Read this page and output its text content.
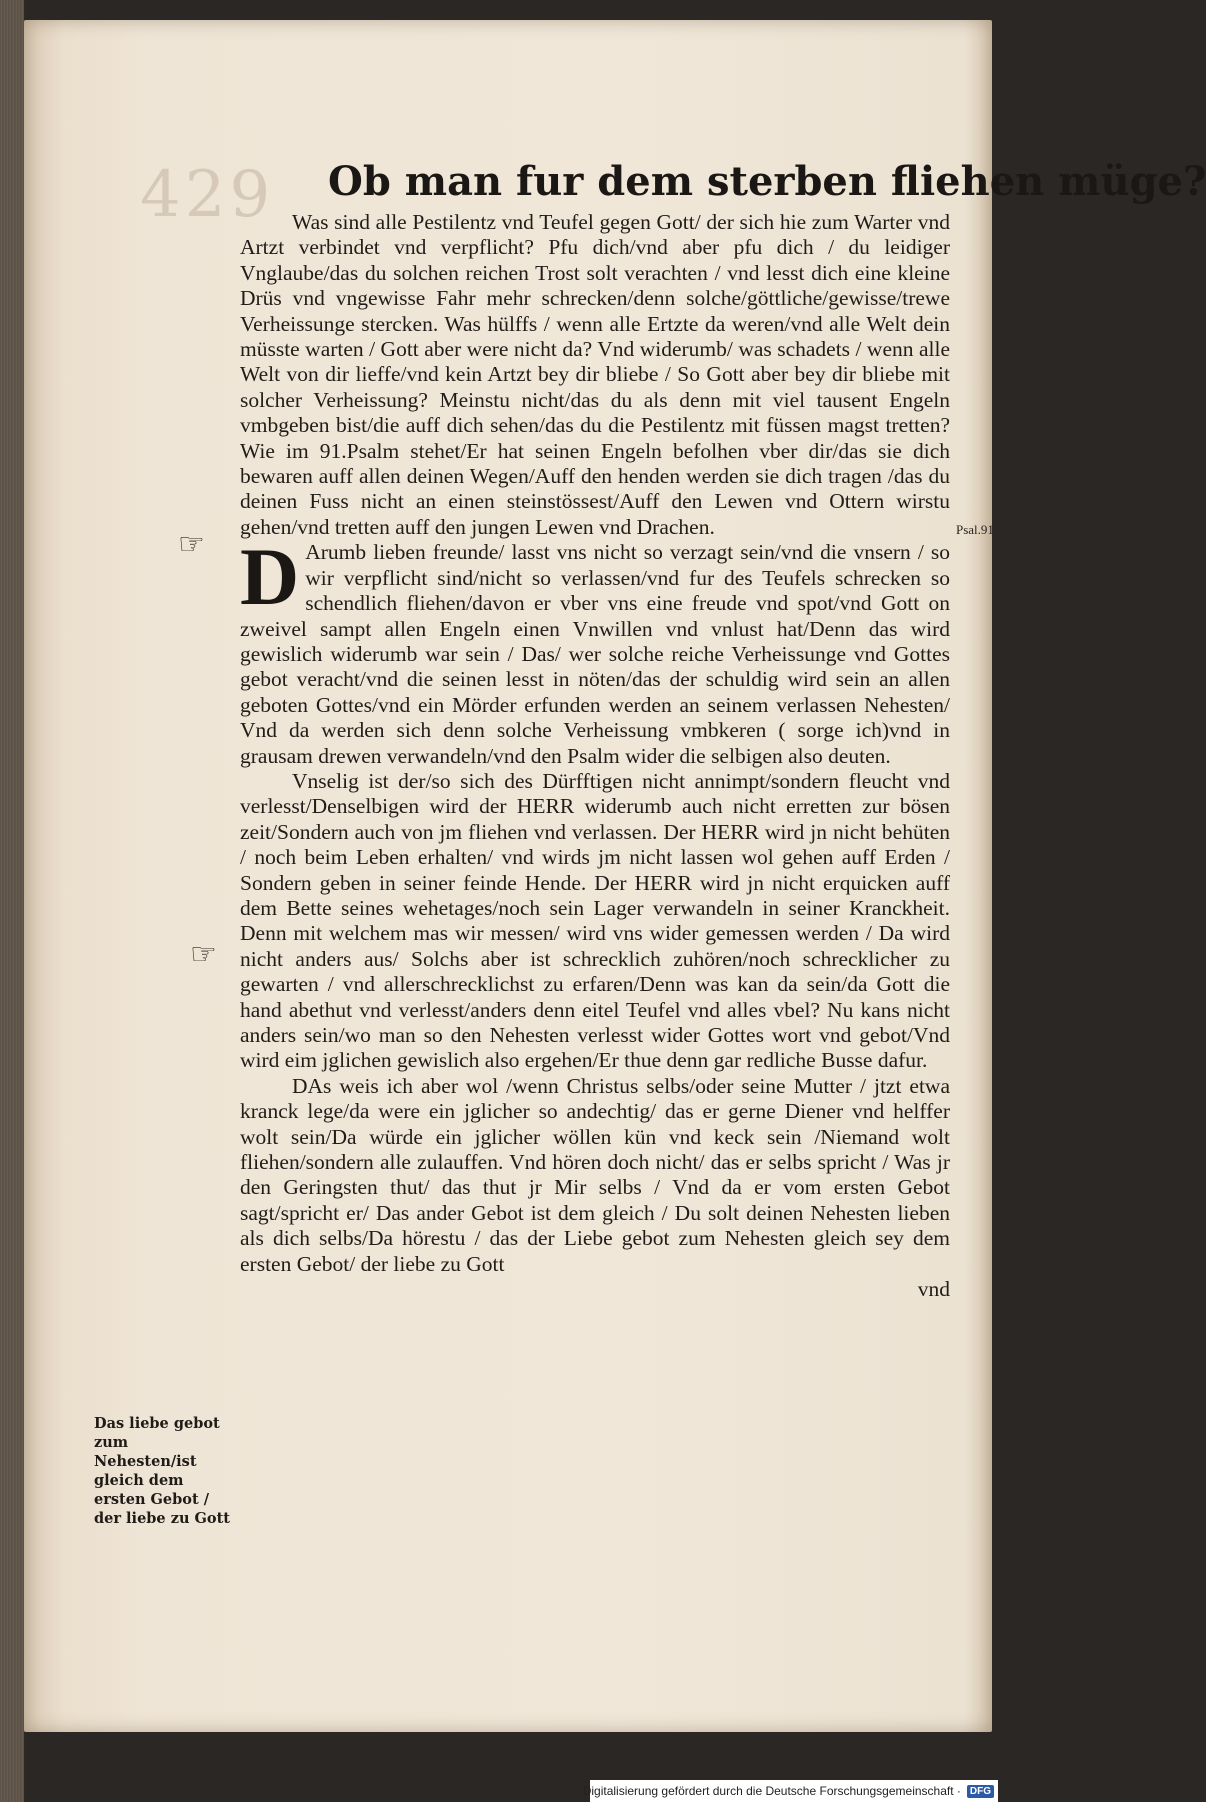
429 Ob man fur dem sterben fliehen müge?

Was sind alle Pestilentz vnd Teufel gegen Gott/ der sich hie zum Warter vnd Artzt verbindet vnd verpflicht? Pfu dich/vnd aber pfu dich / du leidiger Vnglaube/das du solchen reichen Trost solt verachten / vnd lesst dich eine kleine Drüs vnd vngewisse Fahr mehr schrecken/denn solche/göttliche/gewisse/trewe Verheissunge stercken. Was hülffs / wenn alle Ertzte da weren/vnd alle Welt dein müsste warten / Gott aber were nicht da? Vnd widerumb/ was schadets / wenn alle Welt von dir lieffe/vnd kein Artzt bey dir bliebe / So Gott aber bey dir bliebe mit solcher Verheissung? Meinstu nicht/das du als denn mit viel tausent Engeln vmbgeben bist/die auff dich sehen/das du die Pestilentz mit füssen magst tretten? Wie im 91.Psalm stehet/Er hat seinen Engeln befolhen vber dir/das sie dich bewaren auff allen deinen Wegen/Auff den henden werden sie dich tragen /das du deinen Fuss nicht an einen steinstössest/Auff den Lewen vnd Ottern wirstu gehen/vnd tretten auff den jungen Lewen vnd Drachen.

DArumb lieben freunde/ lasst vns nicht so verzagt sein/vnd die vnsern / so wir verpflicht sind/nicht so verlassen/vnd fur des Teufels schrecken so schendlich fliehen/davon er vber vns eine freude vnd spot/vnd Gott on zweivel sampt allen Engeln einen Vnwillen vnd vnlust hat/Denn das wird gewislich widerumb war sein / Das/ wer solche reiche Verheissunge vnd Gottes gebot veracht/vnd die seinen lesst in nöten/das der schuldig wird sein an allen geboten Gottes/vnd ein Mörder erfunden werden an seinem verlassen Nehesten/ Vnd da werden sich denn solche Verheissung vmbkeren ( sorge ich)vnd in grausam drewen verwandeln/vnd den Psalm wider die selbigen also deuten.

Vnselig ist der/so sich des Dürfftigen nicht annimpt/sondern fleucht vnd verlesst/Denselbigen wird der HERR widerumb auch nicht erretten zur bösen zeit/Sondern auch von jm fliehen vnd verlassen. Der HERR wird jn nicht behüten / noch beim Leben erhalten/ vnd wirds jm nicht lassen wol gehen auff Erden / Sondern geben in seiner feinde Hende. Der HERR wird jn nicht erquicken auff dem Bette seines wehetages/noch sein Lager verwandeln in seiner Kranckheit. Denn mit welchem mas wir messen/ wird vns wider gemessen werden / Da wird nicht anders aus/ Solchs aber ist schrecklich zuhören/noch schrecklicher zu gewarten / vnd allerschrecklichst zu erfaren/Denn was kan da sein/da Gott die hand abethut vnd verlesst/anders denn eitel Teufel vnd alles vbel? Nu kans nicht anders sein/wo man so den Nehesten verlesst wider Gottes wort vnd gebot/Vnd wird eim jglichen gewislich also ergehen/Er thue denn gar redliche Busse dafur.

DAs weis ich aber wol /wenn Christus selbs/oder seine Mutter / jtzt etwa kranck lege/da were ein jglicher so andechtig/ das er gerne Diener vnd helffer wolt sein/Da würde ein jglicher wöllen kün vnd keck sein /Niemand wolt fliehen/sondern alle zulauffen. Vnd hören doch nicht/ das er selbs spricht / Was jr den Geringsten thut/ das thut jr Mir selbs / Vnd da er vom ersten Gebot sagt/spricht er/ Das ander Gebot ist dem gleich / Du solt deinen Nehesten lieben als dich selbs/Da hörestu / das der Liebe gebot zum Nehesten gleich sey dem ersten Gebot/ der liebe zu Gott

vnd

Psal.91.
☞
☞
Das liebe gebot zum Nehesten/ist gleich dem ersten Gebot / der liebe zu Gott
Digitalisierung gefördert durch die Deutsche Forschungsgemeinschaft · DFG
